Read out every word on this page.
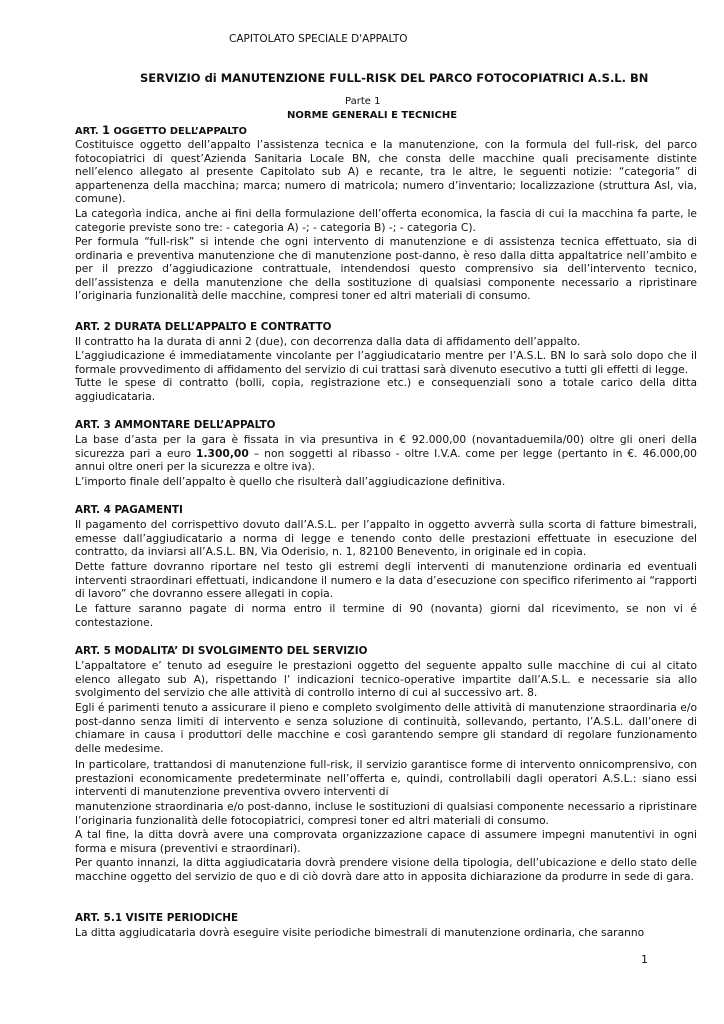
CAPITOLATO SPECIALE D'APPALTO

SERVIZIO di MANUTENZIONE FULL-RISK DEL PARCO FOTOCOPIATRICI A.S.L. BN

Parte 1

NORME GENERALI E TECNICHE

ART. 1 OGGETTO DELL’APPALTO

Costituisce oggetto dell’appalto l’assistenza tecnica e la manutenzione, con la formula del full-risk, del parco fotocopiatrici di quest’Azienda Sanitaria Locale BN, che consta delle macchine quali precisamente distinte nell’elenco allegato al presente Capitolato sub A) e recante, tra le altre, le seguenti notizie: “categoria” di appartenenza della macchina; marca; numero di matricola; numero d’inventario; localizzazione (struttura Asl, via, comune).

La categorìa indica, anche ai fini della formulazione dell’offerta economica, la fascia di cui la macchina fa parte, le categorie previste sono tre: - categoria A) -; - categoria B) -; - categoria C).

Per formula “full-risk” si intende che ogni intervento di manutenzione e di assistenza tecnica effettuato, sia di ordinaria e preventiva manutenzione che di manutenzione post-danno, è reso dalla ditta appaltatrice nell’ambito e per il prezzo d’aggiudicazione contrattuale, intendendosi questo comprensivo sia dell’intervento tecnico, dell’assistenza e della manutenzione che della sostituzione di qualsiasi componente necessario a ripristinare l’originaria funzionalità delle macchine, compresi toner ed altri materiali di consumo.

ART. 2 DURATA DELL’APPALTO E CONTRATTO

Il contratto ha la durata di anni 2 (due), con decorrenza dalla data di affidamento dell’appalto.

L’aggiudicazione é immediatamente vincolante per l’aggiudicatario mentre per l’A.S.L. BN lo sarà solo dopo che il formale provvedimento di affidamento del servizio di cui trattasi sarà divenuto esecutivo a tutti gli effetti di legge.

Tutte le spese di contratto (bolli, copia, registrazione etc.) e consequenziali sono a totale carico della ditta aggiudicataria.

ART. 3 AMMONTARE DELL’APPALTO

La base d’asta per la gara è fissata in via presuntiva in € 92.000,00 (novantaduemila/00) oltre gli oneri della sicurezza pari a euro 1.300,00 – non soggetti al ribasso - oltre I.V.A. come per legge (pertanto in €. 46.000,00 annui oltre oneri per la sicurezza e oltre iva).

L’importo finale dell’appalto è quello che risulterà dall’aggiudicazione definitiva.

ART. 4 PAGAMENTI

Il pagamento del corrispettivo dovuto dall’A.S.L. per l’appalto in oggetto avverrà sulla scorta di fatture bimestrali, emesse dall’aggiudicatario a norma di legge e tenendo conto delle prestazioni effettuate in esecuzione del contratto, da inviarsi all’A.S.L. BN, Via Oderisio, n. 1, 82100 Benevento, in originale ed in copia.

Dette fatture dovranno riportare nel testo gli estremi degli interventi di manutenzione ordinaria ed eventuali interventi straordinari effettuati, indicandone il numero e la data d’esecuzione con specifico riferimento ai “rapporti di lavoro” che dovranno essere allegati in copia.

Le fatture saranno pagate di norma entro il termine di 90 (novanta) giorni dal ricevimento, se non vi é contestazione.

ART. 5 MODALITA’ DI SVOLGIMENTO DEL SERVIZIO

L’appaltatore e’ tenuto ad eseguire le prestazioni oggetto del seguente appalto sulle macchine di cui al citato elenco allegato sub A), rispettando l’ indicazioni tecnico-operative impartite dall’A.S.L. e necessarie sia allo svolgimento del servizio che alle attività di controllo interno di cui al successivo art. 8.

Egli é parimenti tenuto a assicurare il pieno e completo svolgimento delle attività di manutenzione straordinaria e/o post-danno senza limiti di intervento e senza soluzione di continuità, sollevando, pertanto, l’A.S.L. dall’onere di chiamare in causa i produttori delle macchine e così garantendo sempre gli standard di regolare funzionamento delle medesime.

In particolare, trattandosi di manutenzione full-risk, il servizio garantisce forme di intervento onnicomprensivo, con prestazioni economicamente predeterminate nell’offerta e, quindi, controllabili dagli operatori A.S.L.: siano essi interventi di manutenzione preventiva ovvero interventi di

manutenzione straordinaria e/o post-danno, incluse le sostituzioni di qualsiasi componente necessario a ripristinare l’originaria funzionalità delle fotocopiatrici, compresi toner ed altri materiali di consumo.

A tal fine, la ditta dovrà avere una comprovata organizzazione capace di assumere impegni manutentivi in ogni forma e misura (preventivi e straordinari).

Per quanto innanzi, la ditta aggiudicataria dovrà prendere visione della tipologia, dell’ubicazione e dello stato delle macchine oggetto del servizio de quo e di ciò dovrà dare atto in apposita dichiarazione da produrre in sede di gara.

ART. 5.1 VISITE PERIODICHE

La ditta aggiudicataria dovrà eseguire visite periodiche bimestrali di manutenzione ordinaria, che saranno

1
